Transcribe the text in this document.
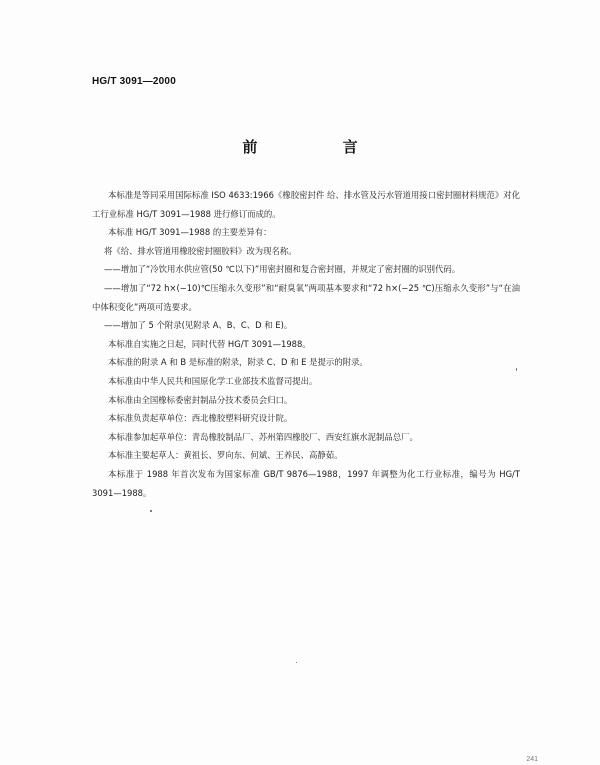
HG/T 3091—2000
前 言

本标准是等同采用国际标准 ISO 4633:1966《橡胶密封件 给、排水管及污水管道用接口密封圈材料规范》对化工行业标准 HG/T 3091—1988 进行修订而成的。

本标准 HG/T 3091—1988 的主要差异有：

将《给、排水管道用橡胶密封圈胶料》改为现名称。

——增加了“冷饮用水供应管(50 ℃以下)”用密封圈和复合密封圈，并规定了密封圈的识别代码。

——增加了“72 h×(−10)℃压缩永久变形”和“耐臭氧”两项基本要求和“72 h×(−25 ℃)压缩永久变形”与“在油中体积变化”两项可选要求。

——增加了 5 个附录(见附录 A、B、C、D 和 E)。

本标准自实施之日起，同时代替 HG/T 3091—1988。

本标准的附录 A 和 B 是标准的附录，附录 C、D 和 E 是提示的附录。

本标准由中华人民共和国原化学工业部技术监督司提出。

本标准由全国橡标委密封制品分技术委员会归口。

本标准负责起草单位：西北橡胶塑料研究设计院。

本标准参加起草单位：青岛橡胶制品厂、苏州第四橡胶厂、西安红旗水泥制品总厂。

本标准主要起草人：黄祖长、罗向东、何斌、王养民、高静茹。

本标准于 1988 年首次发布为国家标准 GB/T 9876—1988，1997 年调整为化工行业标准，编号为 HG/T 3091—1988。

241
